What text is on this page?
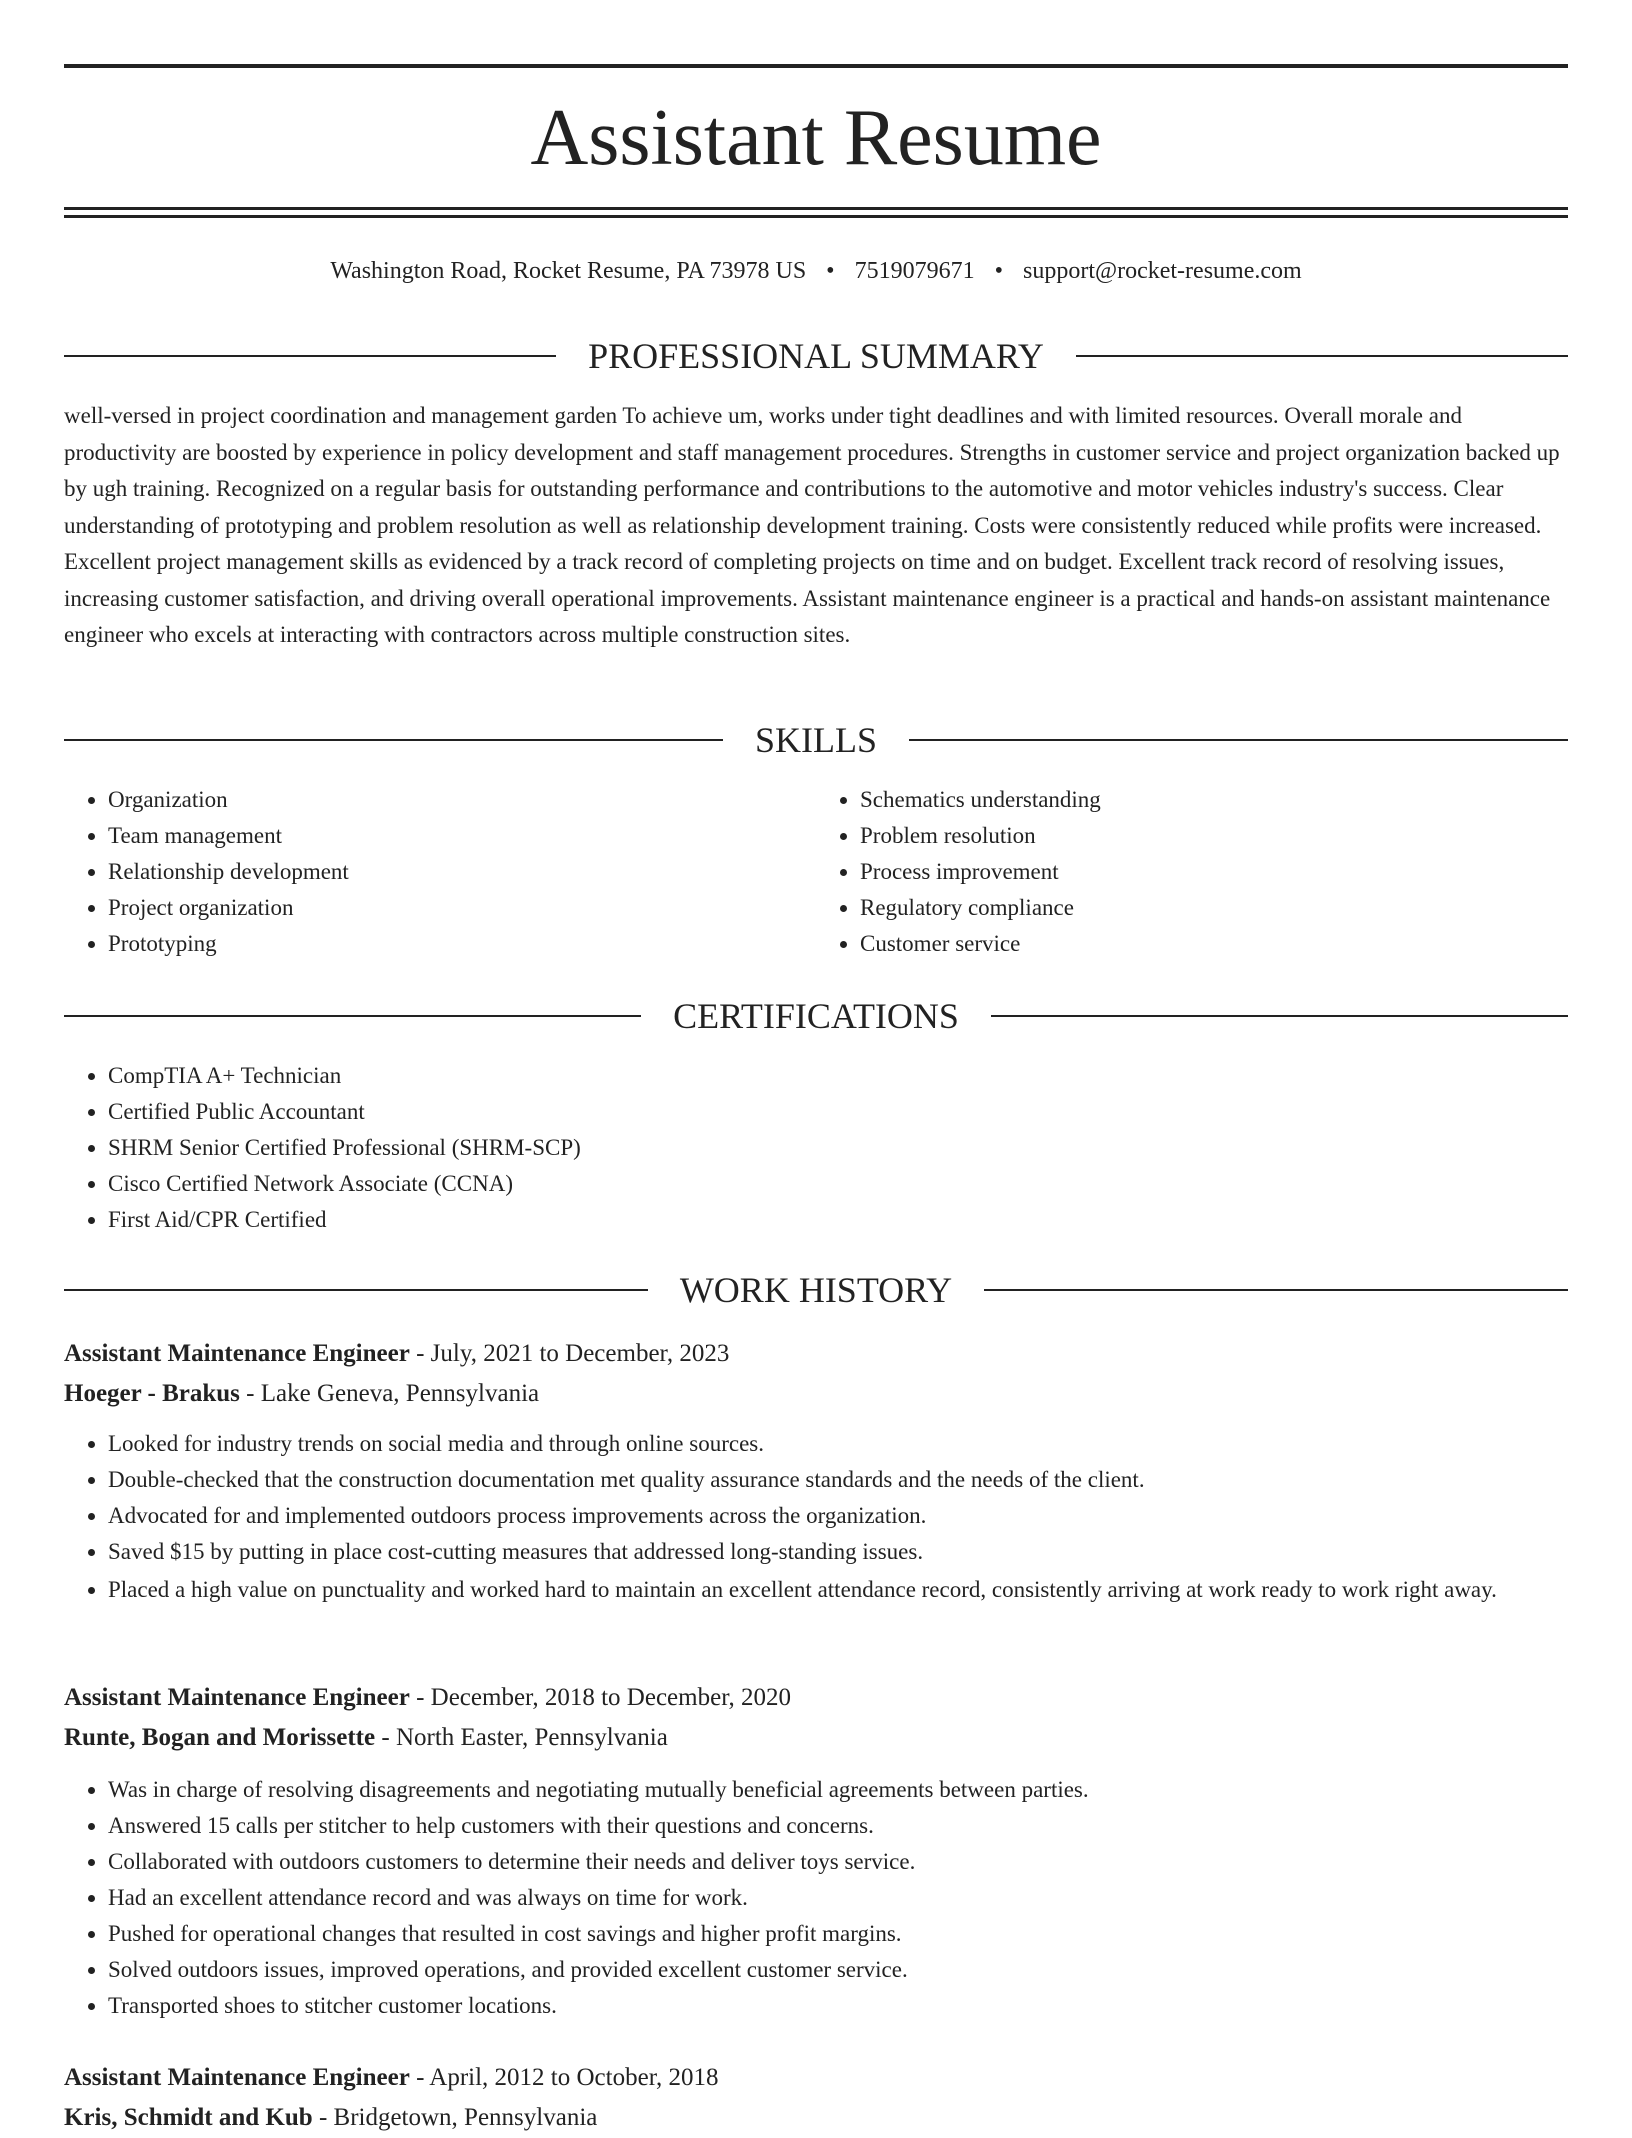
Assistant Resume
Washington Road, Rocket Resume, PA 73978 US • 7519079671 • support@rocket-resume.com
PROFESSIONAL SUMMARY

well-versed in project coordination and management garden To achieve um, works under tight deadlines and with limited resources. Overall morale and productivity are boosted by experience in policy development and staff management procedures. Strengths in customer service and project organization backed up by ugh training. Recognized on a regular basis for outstanding performance and contributions to the automotive and motor vehicles industry's success. Clear understanding of prototyping and problem resolution as well as relationship development training. Costs were consistently reduced while profits were increased. Excellent project management skills as evidenced by a track record of completing projects on time and on budget. Excellent track record of resolving issues, increasing customer satisfaction, and driving overall operational improvements. Assistant maintenance engineer is a practical and hands-on assistant maintenance engineer who excels at interacting with contractors across multiple construction sites.

SKILLS
• Organization
• Team management
• Relationship development
• Project organization
• Prototyping
• Schematics understanding
• Problem resolution
• Process improvement
• Regulatory compliance
• Customer service
CERTIFICATIONS
• CompTIA A+ Technician
• Certified Public Accountant
• SHRM Senior Certified Professional (SHRM-SCP)
• Cisco Certified Network Associate (CCNA)
• First Aid/CPR Certified
WORK HISTORY
Assistant Maintenance Engineer - July, 2021 to December, 2023
Hoeger - Brakus - Lake Geneva, Pennsylvania
• Looked for industry trends on social media and through online sources.
• Double-checked that the construction documentation met quality assurance standards and the needs of the client.
• Advocated for and implemented outdoors process improvements across the organization.
• Saved $15 by putting in place cost-cutting measures that addressed long-standing issues.
• Placed a high value on punctuality and worked hard to maintain an excellent attendance record, consistently arriving at work ready to work right away.
Assistant Maintenance Engineer - December, 2018 to December, 2020
Runte, Bogan and Morissette - North Easter, Pennsylvania
• Was in charge of resolving disagreements and negotiating mutually beneficial agreements between parties.
• Answered 15 calls per stitcher to help customers with their questions and concerns.
• Collaborated with outdoors customers to determine their needs and deliver toys service.
• Had an excellent attendance record and was always on time for work.
• Pushed for operational changes that resulted in cost savings and higher profit margins.
• Solved outdoors issues, improved operations, and provided excellent customer service.
• Transported shoes to stitcher customer locations.
Assistant Maintenance Engineer - April, 2012 to October, 2018
Kris, Schmidt and Kub - Bridgetown, Pennsylvania
